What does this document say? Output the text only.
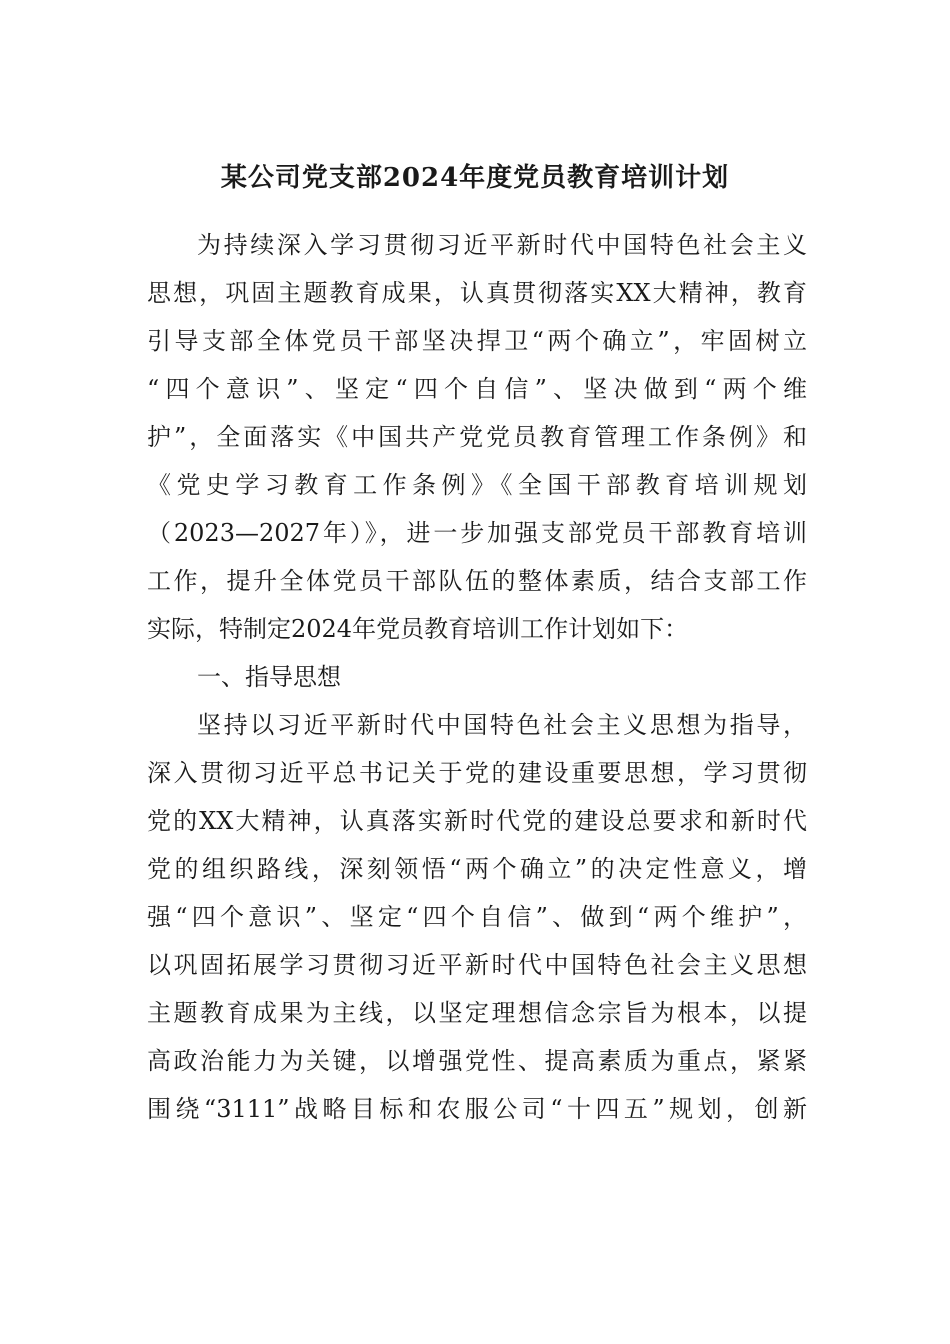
某公司党支部2024年度党员教育培训计划
为持续深入学习贯彻习近平新时代中国特色社会主义
思想，巩固主题教育成果，认真贯彻落实XX大精神，教育
引导支部全体党员干部坚决捍卫“两个确立”，牢固树立
“四个意识”、坚定“四个自信”、坚决做到“两个维
护”，全面落实《中国共产党党员教育管理工作条例》和
《党史学习教育工作条例》《全国干部教育培训规划
（2023—2027年）》，进一步加强支部党员干部教育培训
工作，提升全体党员干部队伍的整体素质，结合支部工作
实际，特制定2024年党员教育培训工作计划如下：
一、指导思想
坚持以习近平新时代中国特色社会主义思想为指导，
深入贯彻习近平总书记关于党的建设重要思想，学习贯彻
党的XX大精神，认真落实新时代党的建设总要求和新时代
党的组织路线，深刻领悟“两个确立”的决定性意义，增
强“四个意识”、坚定“四个自信”、做到“两个维护”，
以巩固拓展学习贯彻习近平新时代中国特色社会主义思想
主题教育成果为主线，以坚定理想信念宗旨为根本，以提
高政治能力为关键，以增强党性、提高素质为重点，紧紧
围绕“3111”战略目标和农服公司“十四五”规划，创新
